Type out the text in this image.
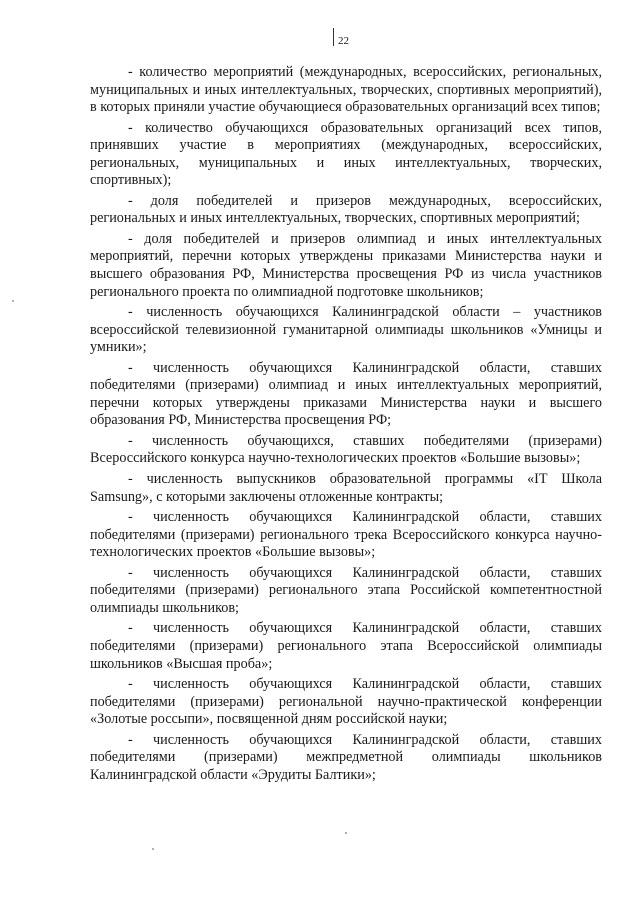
22

- количество мероприятий (международных, всероссийских, региональных, муниципальных и иных интеллектуальных, творческих, спортивных мероприятий), в которых приняли участие обучающиеся образовательных организаций всех типов;

- количество обучающихся образовательных организаций всех типов, принявших участие в мероприятиях (международных, всероссийских, региональных, муниципальных и иных интеллектуальных, творческих, спортивных);

- доля победителей и призеров международных, всероссийских, региональных и иных интеллектуальных, творческих, спортивных мероприятий;

- доля победителей и призеров олимпиад и иных интеллектуальных мероприятий, перечни которых утверждены приказами Министерства науки и высшего образования РФ, Министерства просвещения РФ из числа участников регионального проекта по олимпиадной подготовке школьников;

- численность обучающихся Калининградской области – участников всероссийской телевизионной гуманитарной олимпиады школьников «Умницы и умники»;

- численность обучающихся Калининградской области, ставших победителями (призерами) олимпиад и иных интеллектуальных мероприятий, перечни которых утверждены приказами Министерства науки и высшего образования РФ, Министерства просвещения РФ;

- численность обучающихся, ставших победителями (призерами) Всероссийского конкурса научно-технологических проектов «Большие вызовы»;

- численность выпускников образовательной программы «IT Школа Samsung», с которыми заключены отложенные контракты;

- численность обучающихся Калининградской области, ставших победителями (призерами) регионального трека Всероссийского конкурса научно-технологических проектов «Большие вызовы»;

- численность обучающихся Калининградской области, ставших победителями (призерами) регионального этапа Российской компетентностной олимпиады школьников;

- численность обучающихся Калининградской области, ставших победителями (призерами) регионального этапа Всероссийской олимпиады школьников «Высшая проба»;

- численность обучающихся Калининградской области, ставших победителями (призерами) региональной научно-практической конференции «Золотые россыпи», посвященной дням российской науки;

- численность обучающихся Калининградской области, ставших победителями (призерами) межпредметной олимпиады школьников Калининградской области «Эрудиты Балтики»;
